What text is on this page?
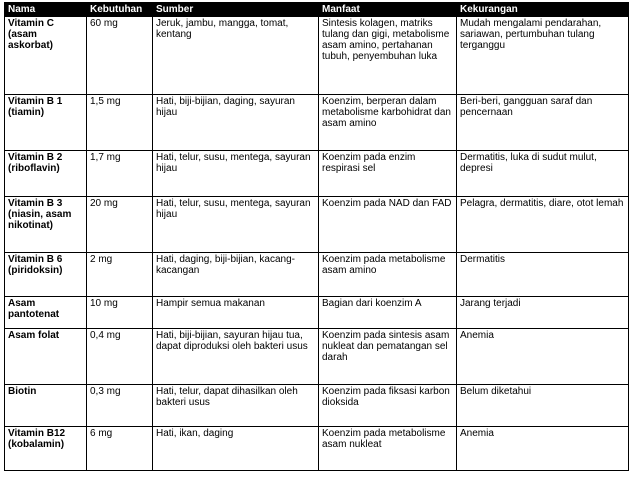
Nama	Kebutuhan	Sumber	Manfaat	Kekurangan
Vitamin C (asam askorbat)	60 mg	Jeruk, jambu, mangga, tomat, kentang	Sintesis kolagen, matriks tulang dan gigi, metabolisme asam amino, pertahanan tubuh, penyembuhan luka	Mudah mengalami pendarahan, sariawan, pertumbuhan tulang terganggu
Vitamin B 1 (tiamin)	1,5 mg	Hati, biji-bijian, daging, sayuran hijau	Koenzim, berperan dalam metabolisme karbohidrat dan asam amino	Beri-beri, gangguan saraf dan pencernaan
Vitamin B 2 (riboflavin)	1,7 mg	Hati, telur, susu, mentega, sayuran hijau	Koenzim pada enzim respirasi sel	Dermatitis, luka di sudut mulut, depresi
Vitamin B 3 (niasin, asam nikotinat)	20 mg	Hati, telur, susu, mentega, sayuran hijau	Koenzim pada NAD dan FAD	Pelagra, dermatitis, diare, otot lemah
Vitamin B 6 (piridoksin)	2 mg	Hati, daging, biji-bijian, kacang-kacangan	Koenzim pada metabolisme asam amino	Dermatitis
Asam pantotenat	10 mg	Hampir semua makanan	Bagian dari koenzim A	Jarang terjadi
Asam folat	0,4 mg	Hati, biji-bijian, sayuran hijau tua, dapat diproduksi oleh bakteri usus	Koenzim pada sintesis asam nukleat dan pematangan sel darah	Anemia
Biotin	0,3 mg	Hati, telur, dapat dihasilkan oleh bakteri usus	Koenzim pada fiksasi karbon dioksida	Belum diketahui
Vitamin B12 (kobalamin)	6 mg	Hati, ikan, daging	Koenzim pada metabolisme asam nukleat	Anemia
